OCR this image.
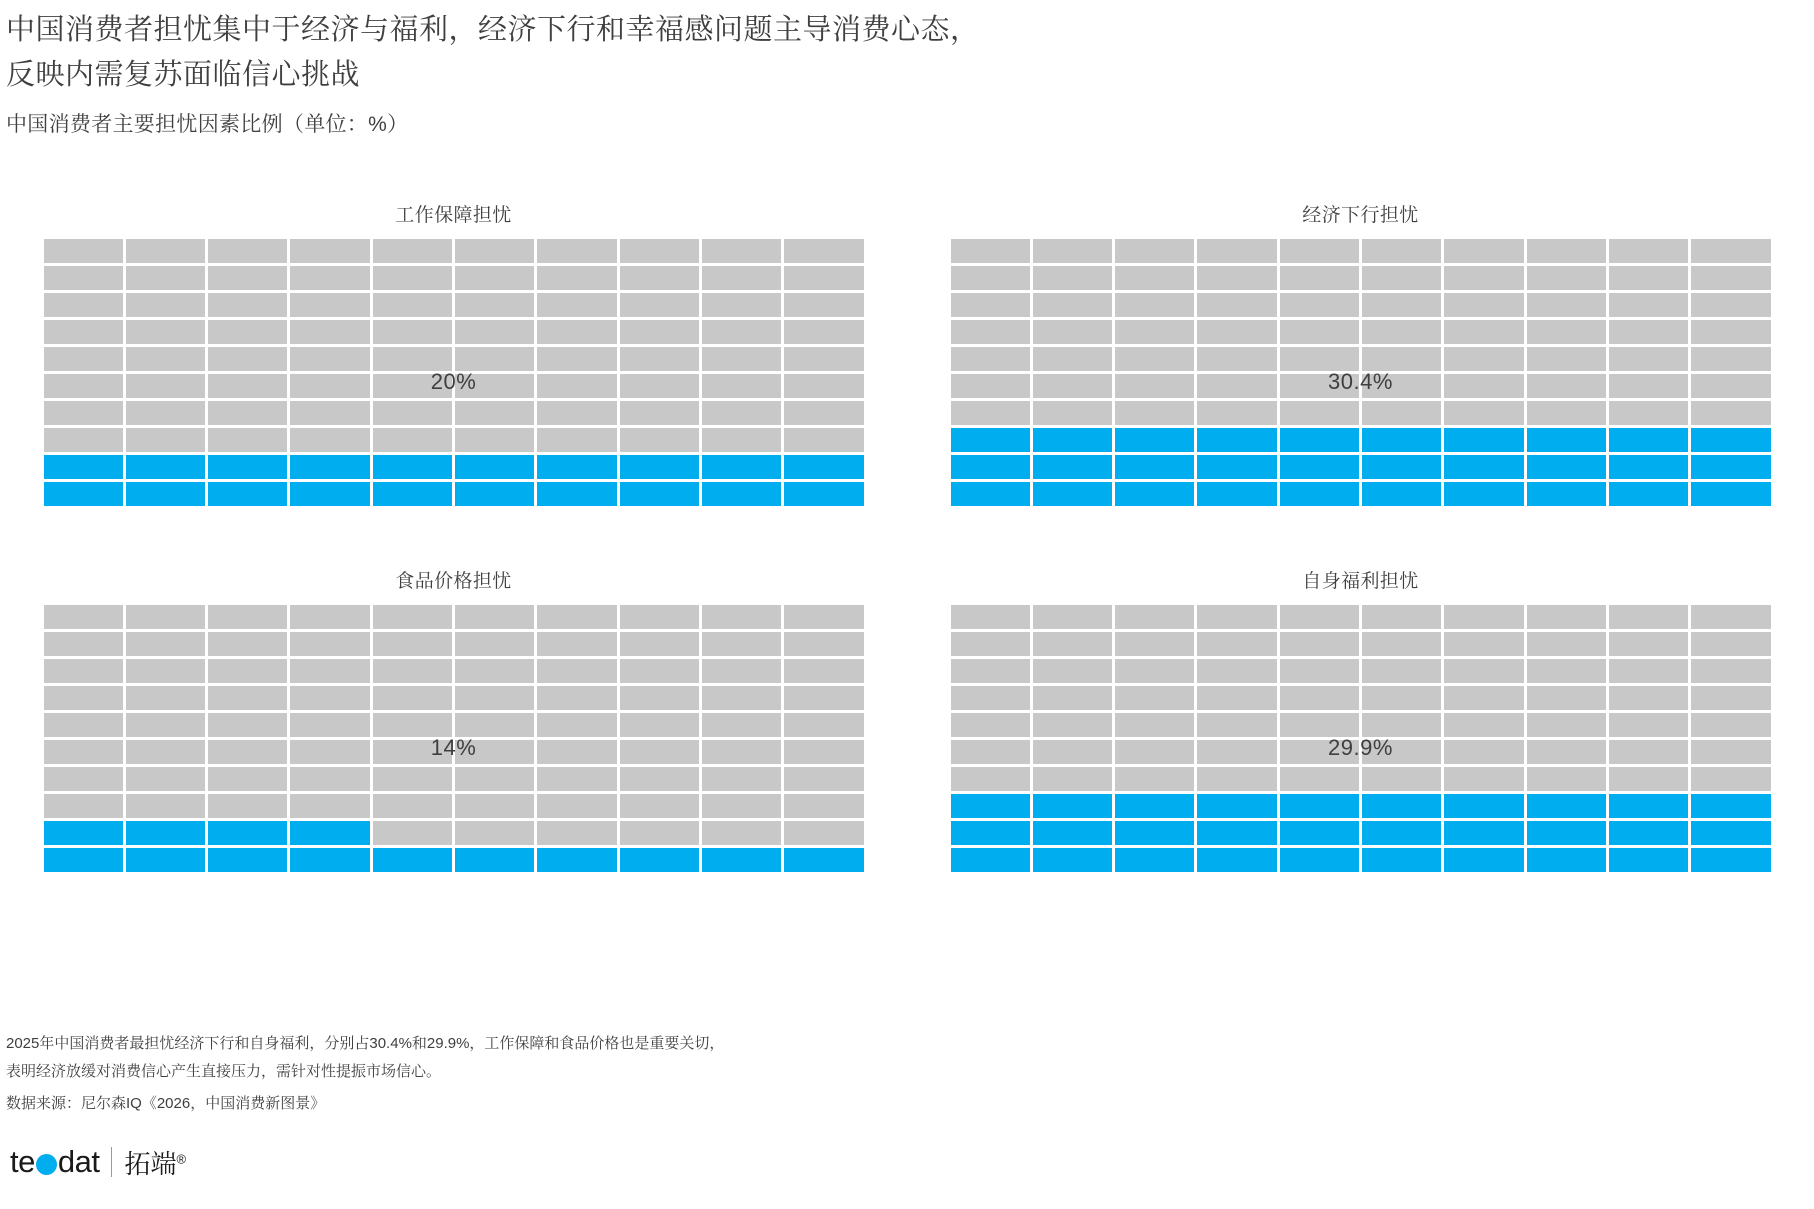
中国消费者担忧集中于经济与福利，经济下行和幸福感问题主导消费心态，
反映内需复苏面临信心挑战
中国消费者主要担忧因素比例（单位：%）
工作保障担忧
20%
经济下行担忧
30.4%
食品价格担忧
14%
自身福利担忧
29.9%
2025年中国消费者最担忧经济下行和自身福利，分别占30.4%和29.9%，工作保障和食品价格也是重要关切，
表明经济放缓对消费信心产生直接压力，需针对性提振市场信心。
数据来源：尼尔森IQ《2026，中国消费新图景》
te dat 拓端®
